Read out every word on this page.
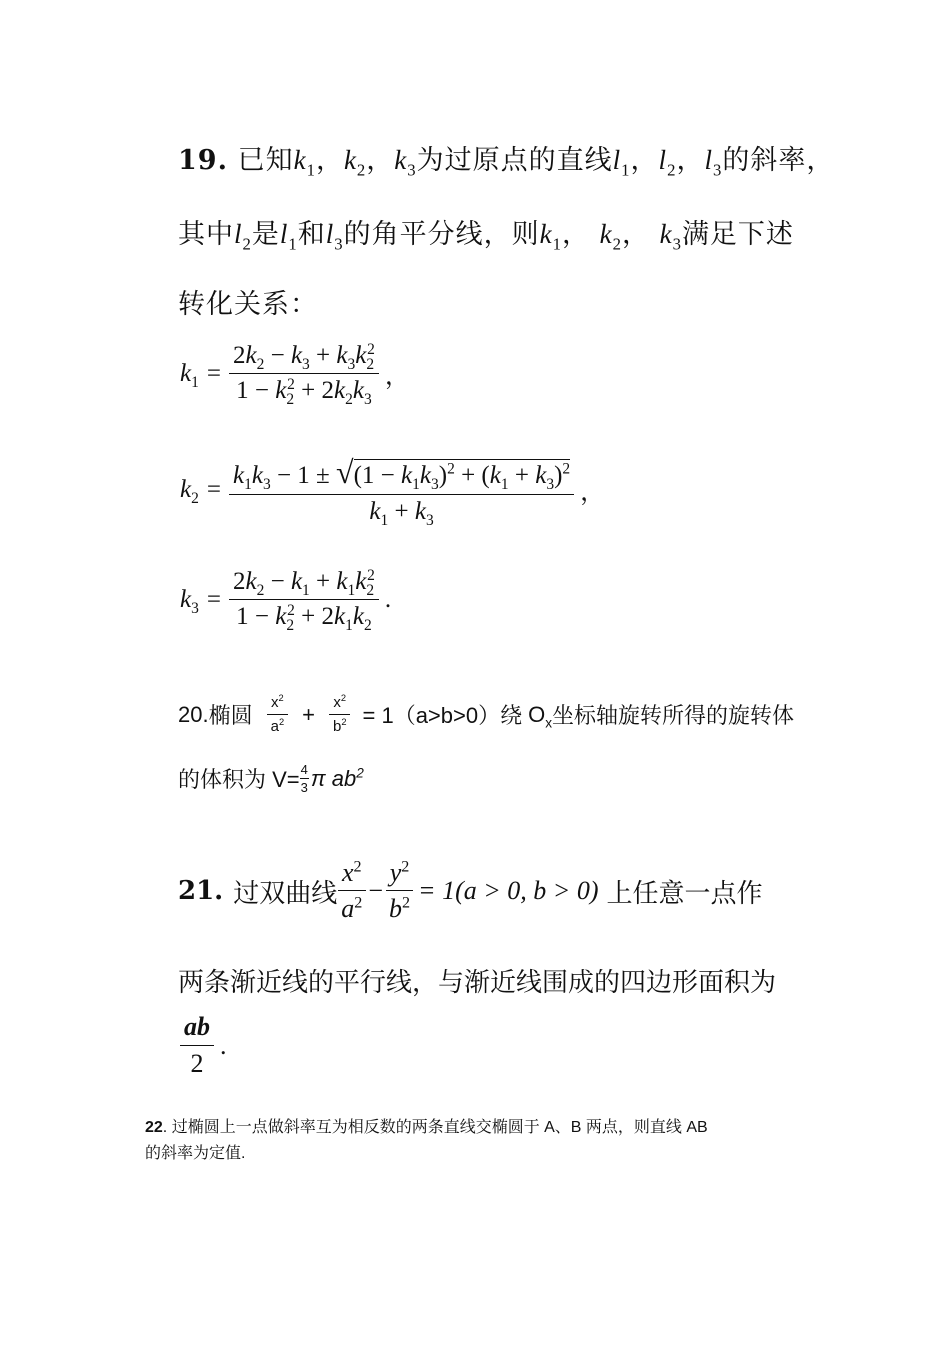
19. 已知$k_1$，$k_2$，$k_3$为过原点的直线$l_1$，$l_2$，$l_3$的斜率，
其中$l_2$是$l_1$和$l_3$的角平分线，则$k_1$， $k_2$， $k_3$满足下述
转化关系：
$k_1 = \frac{2k_2 - k_3 + k_3k_2^2}{1 - k_2^2 + 2k_2k_3}$ ，
$k_2 = \frac{k_1k_3 - 1 \pm √(1 - k_1k_3)^2 + (k_1 + k_3)^2}{k_1 + k_3}$ ，
$k_3 = \frac{2k_2 - k_1 + k_1k_2^2}{1 - k_2^2 + 2k_1k_2}$ .
20. 椭圆 $\frac{x^2}{a^2} + \frac{x^2}{b^2} = 1(a>b>0)$绕 $O_x$ 坐标轴旋转所得的旋转体
的体积为 $V= \frac{4}{3}$ π $ab^2$
21. 过双曲线 $\frac{x^2}{a^2} - \frac{y^2}{b^2} = 1(a > 0$, b > 0) 上任意一点作
两条渐近线的平行线，与渐近线围成的四边形面积为
$\frac{ab}{2}$ .
22. 过椭圆上一点做斜率互为相反数的两条直线交椭圆于 A、B 两点，则直线 AB
的斜率为定值.
